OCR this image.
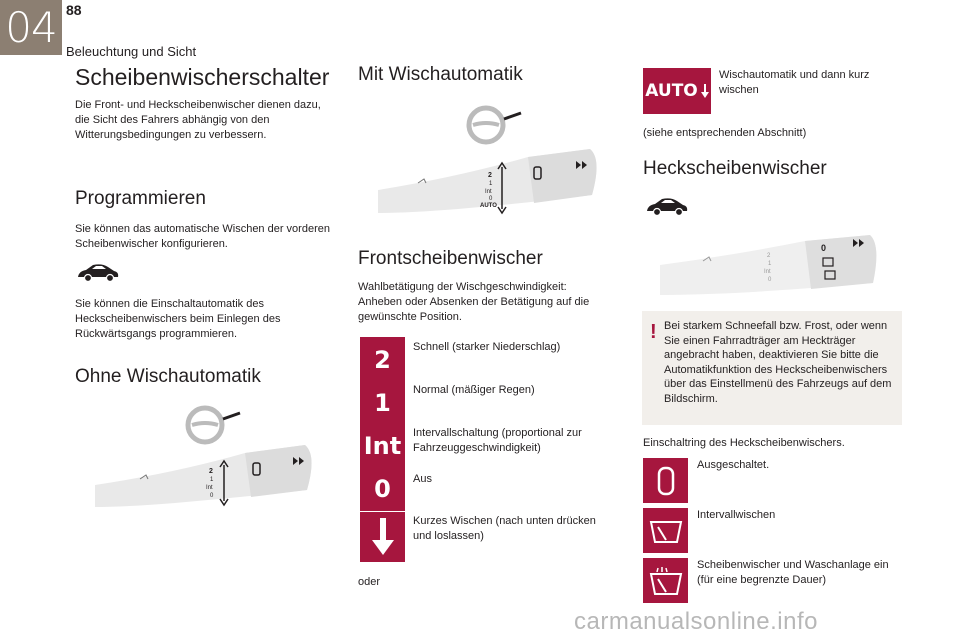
04 88
Beleuchtung und Sicht
Scheibenwischerschalter

Die Front- und Heckscheibenwischer dienen dazu, die Sicht des Fahrers abhängig von den Witterungsbedingungen zu verbessern.

Programmieren

Sie können das automatische Wischen der vorderen Scheibenwischer konfigurieren.

Sie können die Einschaltautomatik des Heckscheibenwischers beim Einlegen des Rückwärtsgangs programmieren.

Ohne Wischautomatik
2
1
Int
0
Mit Wischautomatik
2
1
Int
0
AUTO
Frontscheibenwischer

Wahlbetätigung der Wischgeschwindigkeit: Anheben oder Absenken der Betätigung auf die gewünschte Position.

2 Schnell (starker Niederschlag)
1 Normal (mäßiger Regen)
Int Intervallschaltung (proportional zur Fahrzeuggeschwindigkeit)
0 Aus
Kurzes Wischen (nach unten drücken und loslassen)

oder

AUTO
Wischautomatik und dann kurz wischen

(siehe entsprechenden Abschnitt)

Heckscheibenwischer
2
1
Int
0
0
! Bei starkem Schneefall bzw. Frost, oder wenn Sie einen Fahrradträger am Heckträger angebracht haben, deaktivieren Sie bitte die Automatikfunktion des Heckscheibenwischers über das Einstellmenü des Fahrzeugs auf dem Bildschirm.

Einschaltring des Heckscheibenwischers.

Ausgeschaltet.
Intervallwischen
Scheibenwischer und Waschanlage ein (für eine begrenzte Dauer)
carmanualsonline.info
